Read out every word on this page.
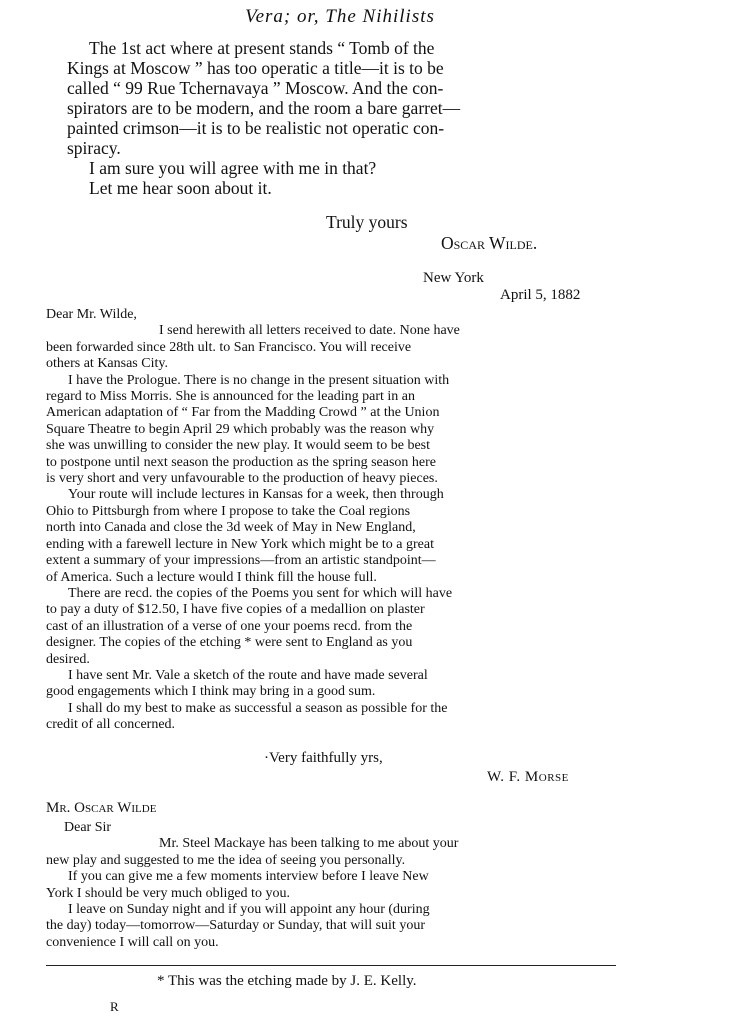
Vera; or, The Nihilists

The 1st act where at present stands “ Tomb of the

Kings at Moscow ” has too operatic a title—it is to be

called “ 99 Rue Tchernavaya ” Moscow. And the con-

spirators are to be modern, and the room a bare garret—

painted crimson—it is to be realistic not operatic con-

spiracy.

I am sure you will agree with me in that?

Let me hear soon about it.

Truly yours
Oscar Wilde.
New York
April 5, 1882

Dear Mr. Wilde,

I send herewith all letters received to date. None have

been forwarded since 28th ult. to San Francisco. You will receive

others at Kansas City.

I have the Prologue. There is no change in the present situation with

regard to Miss Morris. She is announced for the leading part in an

American adaptation of “ Far from the Madding Crowd ” at the Union

Square Theatre to begin April 29 which probably was the reason why

she was unwilling to consider the new play. It would seem to be best

to postpone until next season the production as the spring season here

is very short and very unfavourable to the production of heavy pieces.

Your route will include lectures in Kansas for a week, then through

Ohio to Pittsburgh from where I propose to take the Coal regions

north into Canada and close the 3d week of May in New England,

ending with a farewell lecture in New York which might be to a great

extent a summary of your impressions—from an artistic standpoint—

of America. Such a lecture would I think fill the house full.

There are recd. the copies of the Poems you sent for which will have

to pay a duty of $12.50, I have five copies of a medallion on plaster

cast of an illustration of a verse of one your poems recd. from the

designer. The copies of the etching * were sent to England as you

desired.

I have sent Mr. Vale a sketch of the route and have made several

good engagements which I think may bring in a good sum.

I shall do my best to make as successful a season as possible for the

credit of all concerned.

·Very faithfully yrs,
W. F. Morse
Mr. Oscar Wilde

Dear Sir

Mr. Steel Mackaye has been talking to me about your

new play and suggested to me the idea of seeing you personally.

If you can give me a few moments interview before I leave New

York I should be very much obliged to you.

I leave on Sunday night and if you will appoint any hour (during

the day) today—tomorrow—Saturday or Sunday, that will suit your

convenience I will call on you.

* This was the etching made by J. E. Kelly.
R
